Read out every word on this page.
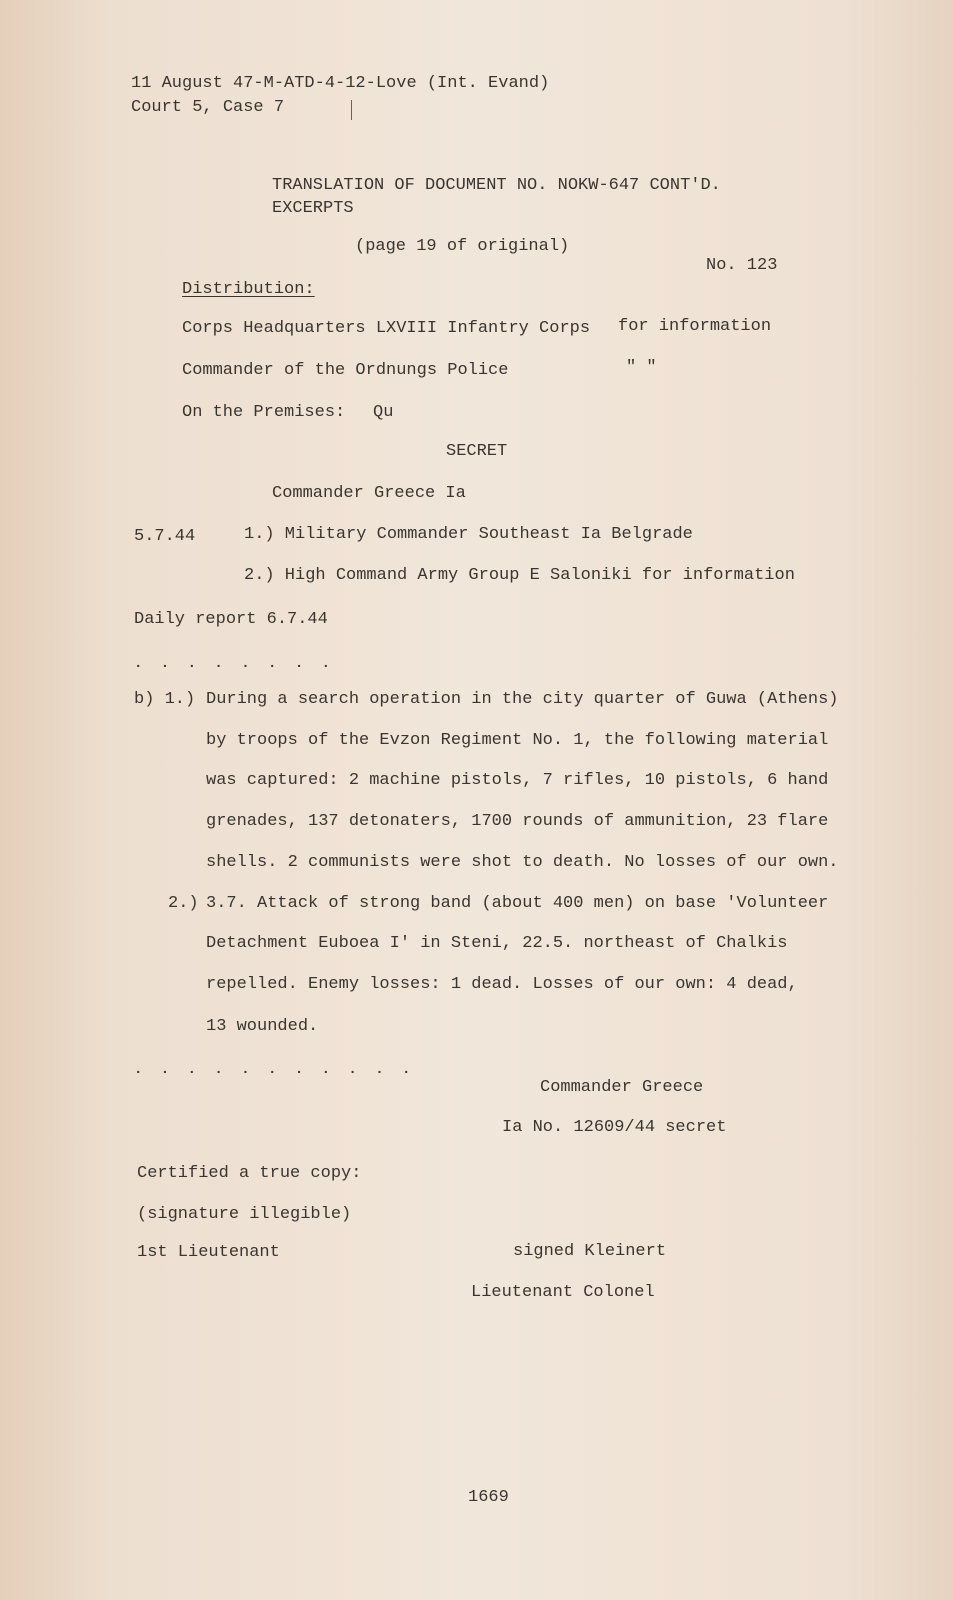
11 August 47-M-ATD-4-12-Love (Int. Evand)
Court 5, Case 7
TRANSLATION OF DOCUMENT NO. NOKW-647 CONT'D.
EXCERPTS
(page 19 of original)
No. 123
Distribution:
Corps Headquarters LXVIII Infantry Corps for information
Commander of the Ordnungs Police	" "
On the Premises: Qu
SECRET
Commander Greece Ia
5.7.44	1.) Military Commander Southeast Ia Belgrade
2.) High Command Army Group E Saloniki for information
Daily report 6.7.44
. . . . . . . .
b) 1.) During a search operation in the city quarter of Guwa (Athens)
by troops of the Evzon Regiment No. 1, the following material
was captured: 2 machine pistols, 7 rifles, 10 pistols, 6 hand
grenades, 137 detonaters, 1700 rounds of ammunition, 23 flare
shells. 2 communists were shot to death. No losses of our own.
2.) 3.7. Attack of strong band (about 400 men) on base 'Volunteer
Detachment Euboea I' in Steni, 22.5. northeast of Chalkis
repelled. Enemy losses: 1 dead. Losses of our own: 4 dead,
13 wounded.
. . . . . . . . . . .
Commander Greece
Ia No. 12609/44 secret
Certified a true copy:
(signature illegible)
1st Lieutenant	signed Kleinert
Lieutenant Colonel
1669
